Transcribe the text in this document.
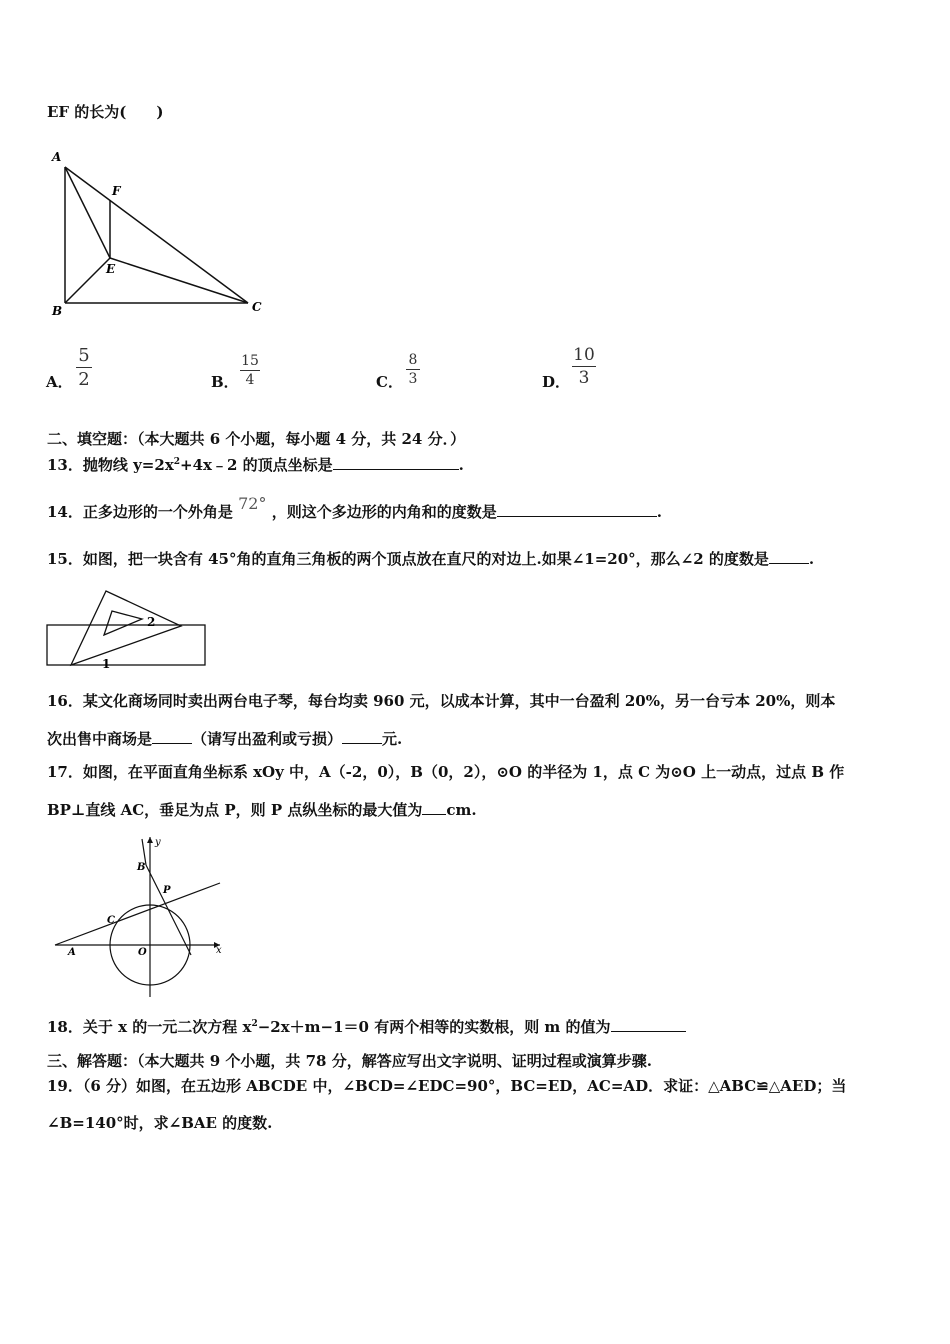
EF 的长为(　　)
A
F
E
B	C
A．
5
2	B．
15
4	C．
8
3	D．
10
3
二、填空题：（本大题共 6 个小题，每小题 4 分，共 24 分．）
13．抛物线 $y=2x^2+4x﹣2$ 的顶点坐标是	.
14．正多边形的一个外角是 72° ，则这个多边形的内角和的度数是	.
15．如图，把一块含有 45°角的直角三角板的两个顶点放在直尺的对边上.如果∠1=20°，那么∠2 的度数是	.
2
1
16．某文化商场同时卖出两台电子琴，每台均卖 960 元，以成本计算，其中一台盈利 20%，另一台亏本 20%，则本
次出售中商场是	（请写出盈利或亏损）	元.
17．如图，在平面直角坐标系 xOy 中，A（-2，0），B（0，2），⊙O 的半径为 1，点 C 为⊙O 上一动点，过点 B 作
BP⊥直线 AC，垂足为点 P，则 P 点纵坐标的最大值为 cm.
y
x
B
P
C
O
A
18．关于 x 的一元二次方程 $x^2-2x+m-1=0$ 有两个相等的实数根，则 m 的值为
三、解答题：（本大题共 9 个小题，共 78 分，解答应写出文字说明、证明过程或演算步骤.
19．（6 分）如图，在五边形 ABCDE 中，∠BCD=∠EDC=90°，BC=ED，AC=AD．求证：△ABC≌△AED；当
∠B=140°时，求∠BAE 的度数.
